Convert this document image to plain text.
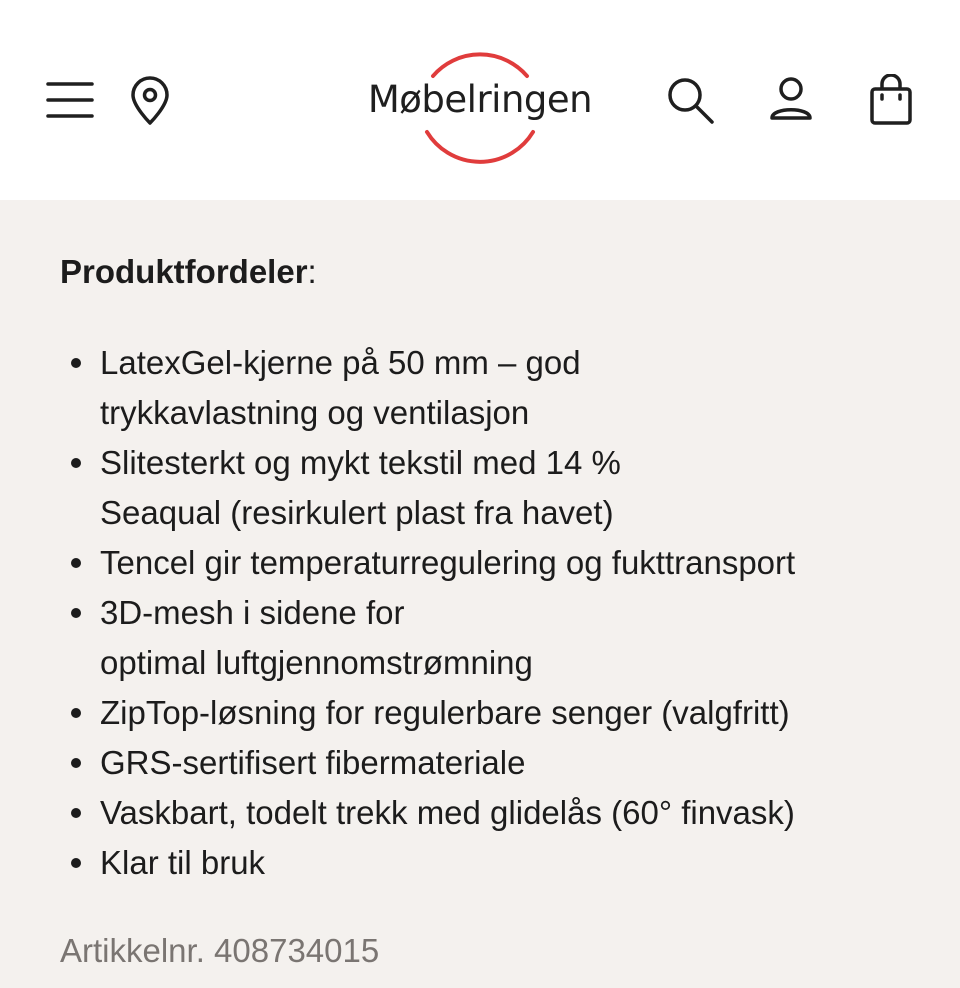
Møbelringen

Produktfordeler:

LatexGel-kjerne på 50 mm – god
trykkavlastning og ventilasjon
Slitesterkt og mykt tekstil med 14 %
Seaqual (resirkulert plast fra havet)
Tencel gir temperaturregulering og fukttransport
3D-mesh i sidene for
optimal luftgjennomstrømning
ZipTop-løsning for regulerbare senger (valgfritt)
GRS-sertifisert fibermateriale
Vaskbart, todelt trekk med glidelås (60° finvask)
Klar til bruk
Artikkelnr. 408734015
